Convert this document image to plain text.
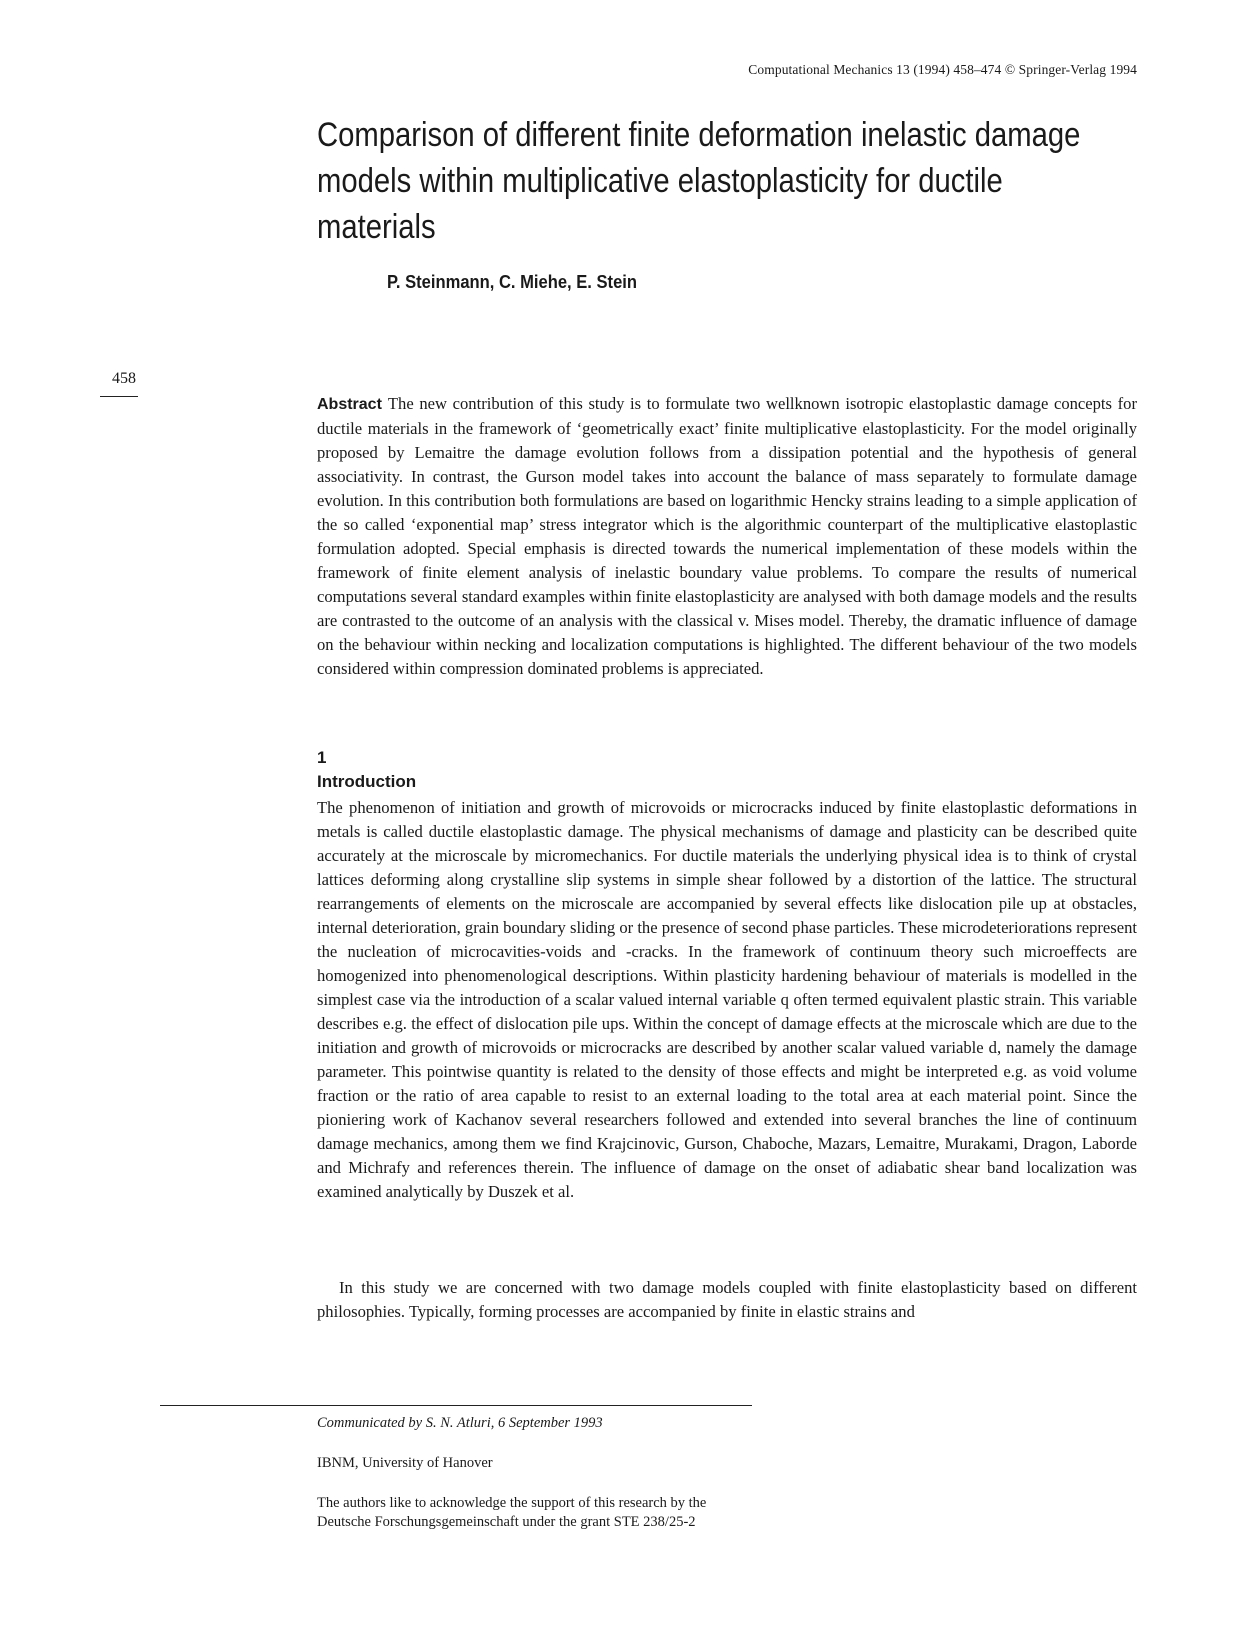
Computational Mechanics 13 (1994) 458–474 © Springer-Verlag 1994
Comparison of different finite deformation inelastic damage models within multiplicative elastoplasticity for ductile materials
P. Steinmann, C. Miehe, E. Stein
458

Abstract The new contribution of this study is to formulate two wellknown isotropic elastoplastic damage concepts for ductile materials in the framework of ‘geometrically exact’ finite multiplicative elastoplasticity. For the model originally proposed by Lemaitre the damage evolution follows from a dissipation potential and the hypothesis of general associativity. In contrast, the Gurson model takes into account the balance of mass separately to formulate damage evolution. In this contribution both formulations are based on logarithmic Hencky strains leading to a simple application of the so called ‘exponential map’ stress integrator which is the algorithmic counterpart of the multiplicative elastoplastic formulation adopted. Special emphasis is directed towards the numerical implementation of these models within the framework of finite element analysis of inelastic boundary value problems. To compare the results of numerical computations several standard examples within finite elastoplasticity are analysed with both damage models and the results are contrasted to the outcome of an analysis with the classical v. Mises model. Thereby, the dramatic influence of damage on the behaviour within necking and localization computations is highlighted. The different behaviour of the two models considered within compression dominated problems is appreciated.

1
Introduction

The phenomenon of initiation and growth of microvoids or microcracks induced by finite elastoplastic deformations in metals is called ductile elastoplastic damage. The physical mechanisms of damage and plasticity can be described quite accurately at the microscale by micromechanics. For ductile materials the underlying physical idea is to think of crystal lattices deforming along crystalline slip systems in simple shear followed by a distortion of the lattice. The structural rearrangements of elements on the microscale are accompanied by several effects like dislocation pile up at obstacles, internal deterioration, grain boundary sliding or the presence of second phase particles. These microdeteriorations represent the nucleation of microcavities-voids and -cracks. In the framework of continuum theory such microeffects are homogenized into phenomenological descriptions. Within plasticity hardening behaviour of materials is modelled in the simplest case via the introduction of a scalar valued internal variable q often termed equivalent plastic strain. This variable describes e.g. the effect of dislocation pile ups. Within the concept of damage effects at the microscale which are due to the initiation and growth of microvoids or microcracks are described by another scalar valued variable d, namely the damage parameter. This pointwise quantity is related to the density of those effects and might be interpreted e.g. as void volume fraction or the ratio of area capable to resist to an external loading to the total area at each material point. Since the pioniering work of Kachanov several researchers followed and extended into several branches the line of continuum damage mechanics, among them we find Krajcinovic, Gurson, Chaboche, Mazars, Lemaitre, Murakami, Dragon, Laborde and Michrafy and references therein. The influence of damage on the onset of adiabatic shear band localization was examined analytically by Duszek et al.

In this study we are concerned with two damage models coupled with finite elastoplasticity based on different philosophies. Typically, forming processes are accompanied by finite in elastic strains and

Communicated by S. N. Atluri, 6 September 1993
IBNM, University of Hanover
The authors like to acknowledge the support of this research by the Deutsche Forschungsgemeinschaft under the grant STE 238/25-2
